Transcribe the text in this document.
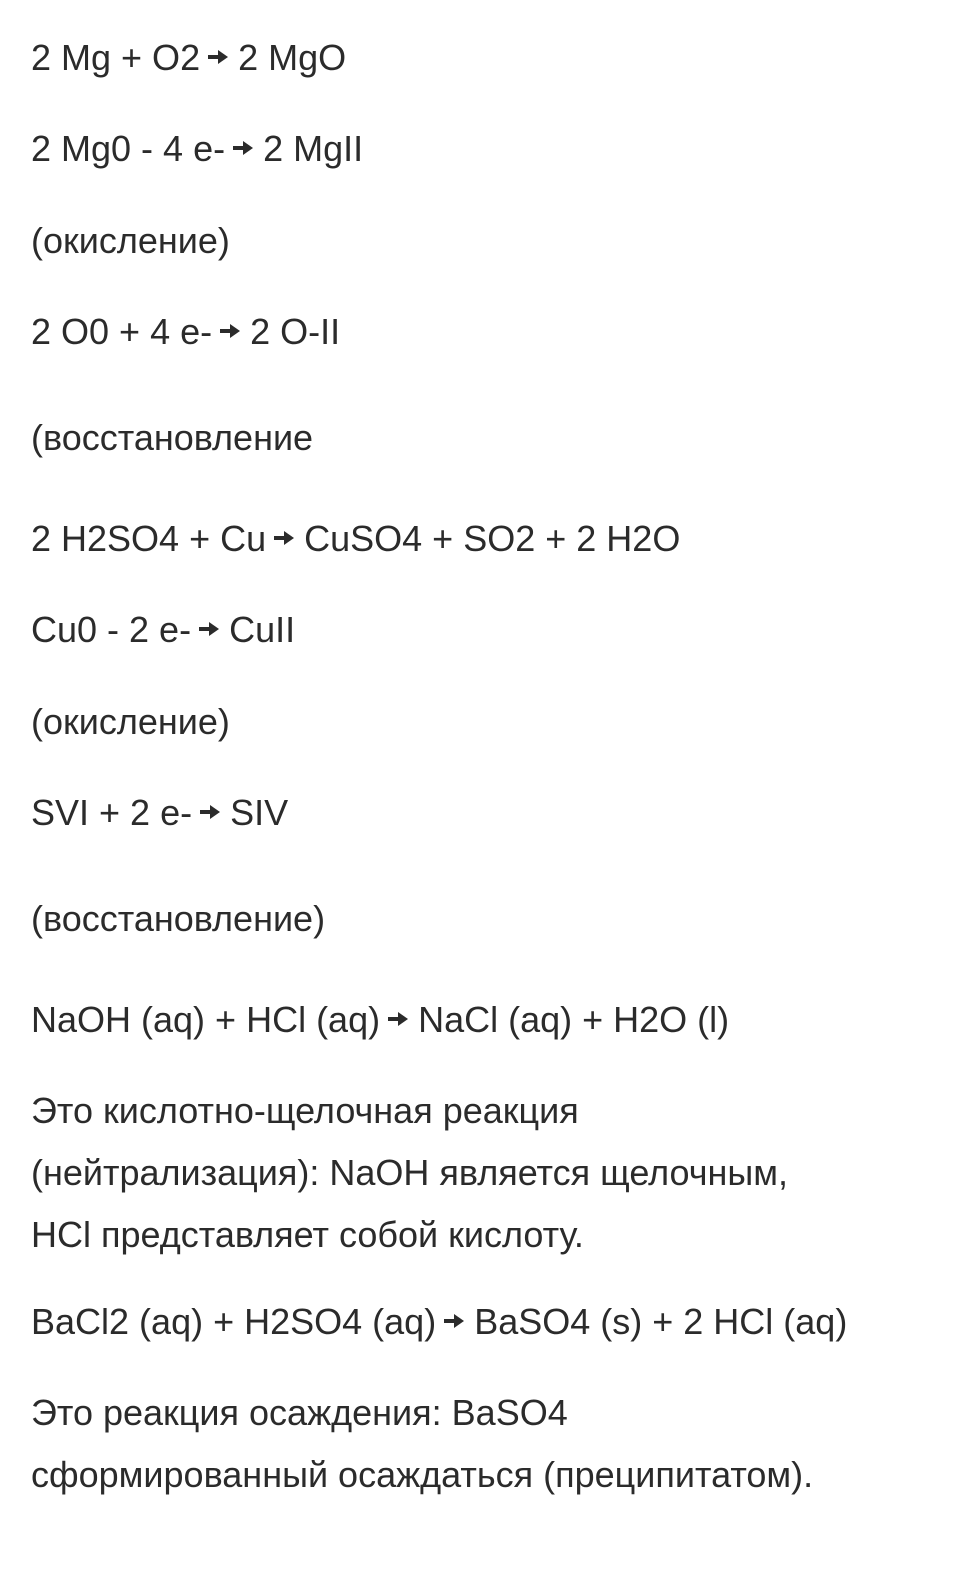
2 Mg + O2 2 MgO

2 Mg0 - 4 e- 2 MgII

(окисление)

2 O0 + 4 e- 2 O-II

(восстановление

2 H2SO4 + Cu CuSO4 + SO2 + 2 H2O

Cu0 - 2 e- CuII

(окисление)

SVI + 2 e- SIV

(восстановление)

NaOH (aq) + HCl (aq) NaCl (aq) + H2O (l)

Это кислотно-щелочная реакция
(нейтрализация): NaOH является щелочным,
HCl представляет собой кислоту.

BaCl2 (aq) + H2SO4 (aq) BaSO4 (s) + 2 HCl (aq)

Это реакция осаждения: BaSO4
сформированный осаждаться (преципитатом).
